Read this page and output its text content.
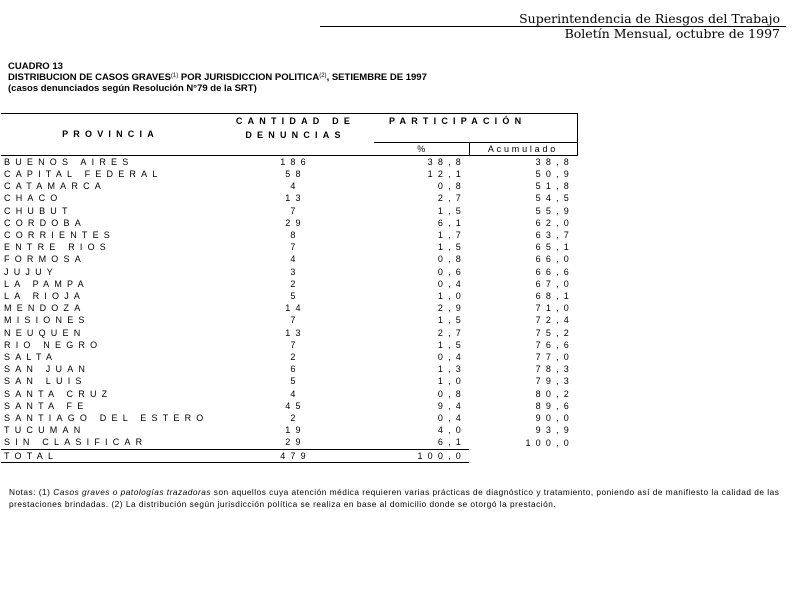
Superintendencia de Riesgos del Trabajo
Boletín Mensual, octubre de 1997
CUADRO 13
DISTRIBUCION DE CASOS GRAVES$^{(1)}$ POR JURISDICCION POLITICA$^{(2)}$, SETIEMBRE DE 1997
(casos denunciados según Resolución N°79 de la SRT)
PROVINCIA	CANTIDAD DE	PARTICIPACIÓN	
	DENUNCIAS		
		%	Acumulado
BUENOS AIRES	186	38,8	38,8
CAPITAL FEDERAL	58	12,1	50,9
CATAMARCA	4	0,8	51,8
CHACO	13	2,7	54,5
CHUBUT	7	1,5	55,9
CORDOBA	29	6,1	62,0
CORRIENTES	8	1,7	63,7
ENTRE RIOS	7	1,5	65,1
FORMOSA	4	0,8	66,0
JUJUY	3	0,6	66,6
LA PAMPA	2	0,4	67,0
LA RIOJA	5	1,0	68,1
MENDOZA	14	2,9	71,0
MISIONES	7	1,5	72,4
NEUQUEN	13	2,7	75,2
RIO NEGRO	7	1,5	76,6
SALTA	2	0,4	77,0
SAN JUAN	6	1,3	78,3
SAN LUIS	5	1,0	79,3
SANTA CRUZ	4	0,8	80,2
SANTA FE	45	9,4	89,6
SANTIAGO DEL ESTERO	2	0,4	90,0
TUCUMAN	19	4,0	93,9
SIN CLASIFICAR	29	6,1	100,0
TOTAL	479	100,0	
Notas: (1) Casos graves o patologías trazadoras son aquellos cuya atención médica requieren varias prácticas de diagnóstico y tratamiento, poniendo así de manifiesto la calidad de las prestaciones brindadas. (2) La distribución según jurisdicción política se realiza en base al domicilio donde se otorgó la prestación.
